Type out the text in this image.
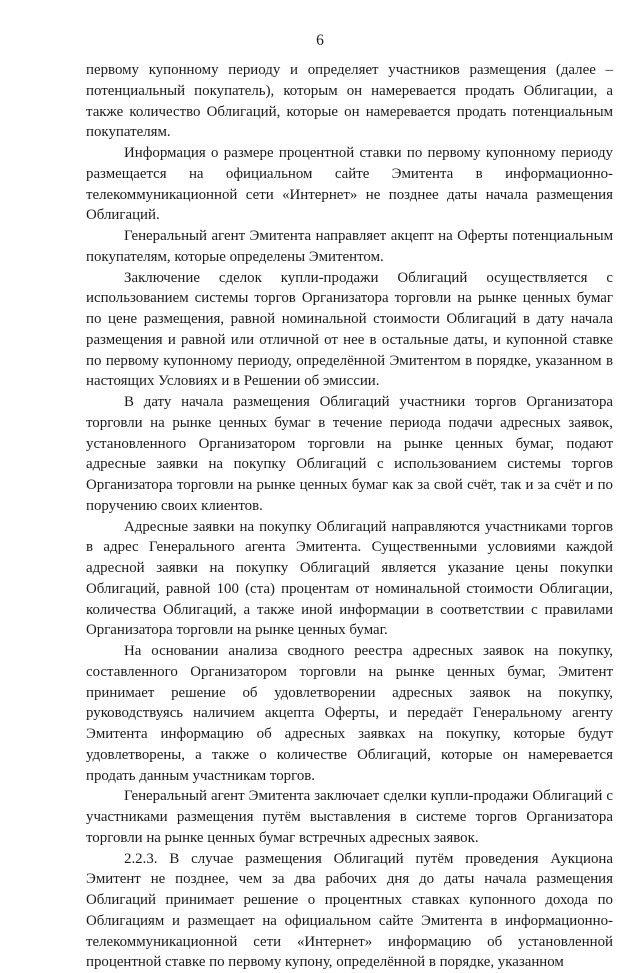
6

первому купонному периоду и определяет участников размещения (далее – потенциальный покупатель), которым он намеревается продать Облигации, а также количество Облигаций, которые он намеревается продать потенциальным покупателям.

Информация о размере процентной ставки по первому купонному периоду размещается на официальном сайте Эмитента в информационно-телекоммуникационной сети «Интернет» не позднее даты начала размещения Облигаций.

Генеральный агент Эмитента направляет акцепт на Оферты потенциальным покупателям, которые определены Эмитентом.

Заключение сделок купли-продажи Облигаций осуществляется с использованием системы торгов Организатора торговли на рынке ценных бумаг по цене размещения, равной номинальной стоимости Облигаций в дату начала размещения и равной или отличной от нее в остальные даты, и купонной ставке по первому купонному периоду, определённой Эмитентом в порядке, указанном в настоящих Условиях и в Решении об эмиссии.

В дату начала размещения Облигаций участники торгов Организатора торговли на рынке ценных бумаг в течение периода подачи адресных заявок, установленного Организатором торговли на рынке ценных бумаг, подают адресные заявки на покупку Облигаций с использованием системы торгов Организатора торговли на рынке ценных бумаг как за свой счёт, так и за счёт и по поручению своих клиентов.

Адресные заявки на покупку Облигаций направляются участниками торгов в адрес Генерального агента Эмитента. Существенными условиями каждой адресной заявки на покупку Облигаций является указание цены покупки Облигаций, равной 100 (ста) процентам от номинальной стоимости Облигации, количества Облигаций, а также иной информации в соответствии с правилами Организатора торговли на рынке ценных бумаг.

На основании анализа сводного реестра адресных заявок на покупку, составленного Организатором торговли на рынке ценных бумаг, Эмитент принимает решение об удовлетворении адресных заявок на покупку, руководствуясь наличием акцепта Оферты, и передаёт Генеральному агенту Эмитента информацию об адресных заявках на покупку, которые будут удовлетворены, а также о количестве Облигаций, которые он намеревается продать данным участникам торгов.

Генеральный агент Эмитента заключает сделки купли-продажи Облигаций с участниками размещения путём выставления в системе торгов Организатора торговли на рынке ценных бумаг встречных адресных заявок.

2.2.3. В случае размещения Облигаций путём проведения Аукциона Эмитент не позднее, чем за два рабочих дня до даты начала размещения Облигаций принимает решение о процентных ставках купонного дохода по Облигациям и размещает на официальном сайте Эмитента в информационно-телекоммуникационной сети «Интернет» информацию об установленной процентной ставке по первому купону, определённой в порядке, указанном
